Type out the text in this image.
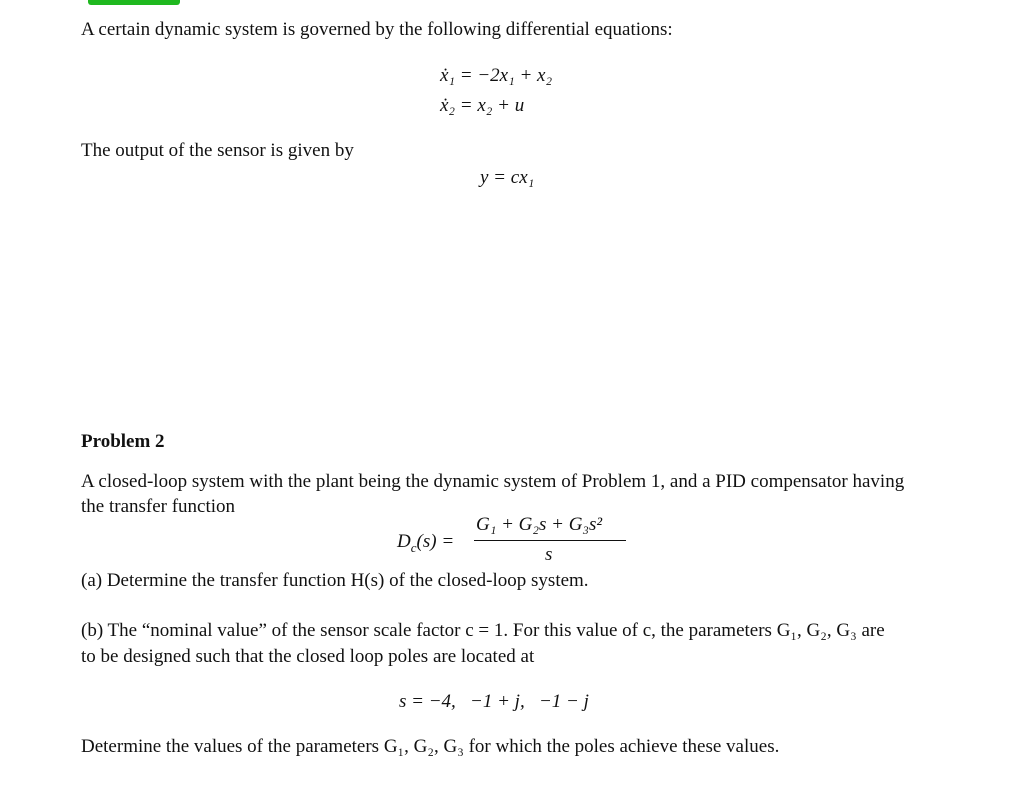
A certain dynamic system is governed by the following differential equations:
ẋ₁ = −2x₁ + x₂
ẋ₂ = x₂ + u
The output of the sensor is given by
y = cx₁
Problem 2
A closed-loop system with the plant being the dynamic system of Problem 1, and a PID compensator having
the transfer function
$D_c(s)$ =
G₁ + G₂s + G₃s²
s
(a) Determine the transfer function H(s) of the closed-loop system.
(b) The “nominal value” of the sensor scale factor c = 1. For this value of c, the parameters G₁, G₂, G₃ are
to be designed such that the closed loop poles are located at
s = −4,   −1 + j,   −1 − j
Determine the values of the parameters G₁, G₂, G₃ for which the poles achieve these values.
